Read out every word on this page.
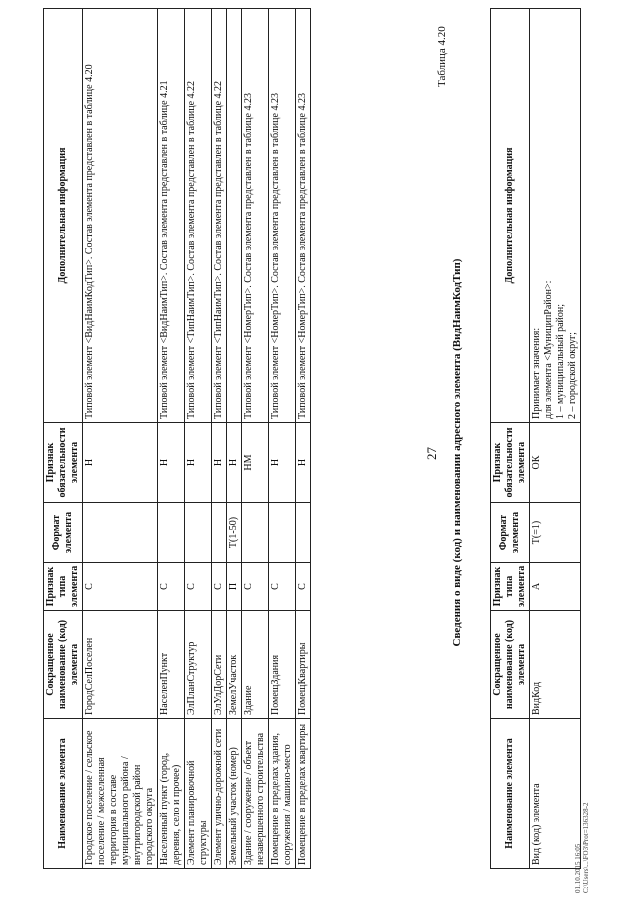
27
Наименование элемента	Сокращенное наименование (код) элемента	Признак типа элемента	Формат элемента	Признак обязательности элемента	Дополнительная информация
Городское поселение / сельское поселение / межселенная территория в составе муниципального района / внутригородской район городского округа	ГородСелПоселен	С		Н	Типовой элемент <ВидНаимКодТип>. Состав элемента представлен в таблице 4.20
Населенный пункт (город, деревня, село и прочее)	НаселенПункт	С		Н	Типовой элемент <ВидНаимТип>. Состав элемента представлен в таблице 4.21
Элемент планировочной структуры	ЭлПланСтруктур	С		Н	Типовой элемент <ТипНаимТип>. Состав элемента представлен в таблице 4.22
Элемент улично-дорожной сети	ЭлУлДорСети	С		Н	Типовой элемент <ТипНаимТип>. Состав элемента представлен в таблице 4.22
Земельный участок (номер)	ЗемелУчасток	П	T(1-50)	Н	
Здание / сооружение / объект незавершенного строительства	Здание	С		НМ	Типовой элемент <НомерТип>. Состав элемента представлен в таблице 4.23
Помещение в пределах здания, сооружения / машино-место	ПомещЗдания	С		Н	Типовой элемент <НомерТип>. Состав элемента представлен в таблице 4.23
Помещение в пределах квартиры	ПомещКвартиры	С		Н	Типовой элемент <НомерТип>. Состав элемента представлен в таблице 4.23
Таблица 4.20
Сведения о виде (код) и наименовании адресного элемента (ВидНаимКодТип)
Наименование элемента	Сокращенное наименование (код) элемента	Признак типа элемента	Формат элемента	Признак обязательности элемента	Дополнительная информация
Вид (код) элемента	ВидКод	А	T(=1)	ОК	Принимает значения: для элемента <МуниципРайон>: 1 – муниципальный район; 2 – городской округ;
01.10.2015 16:05 C:\Users\...\FO3\Prot=136328-2
